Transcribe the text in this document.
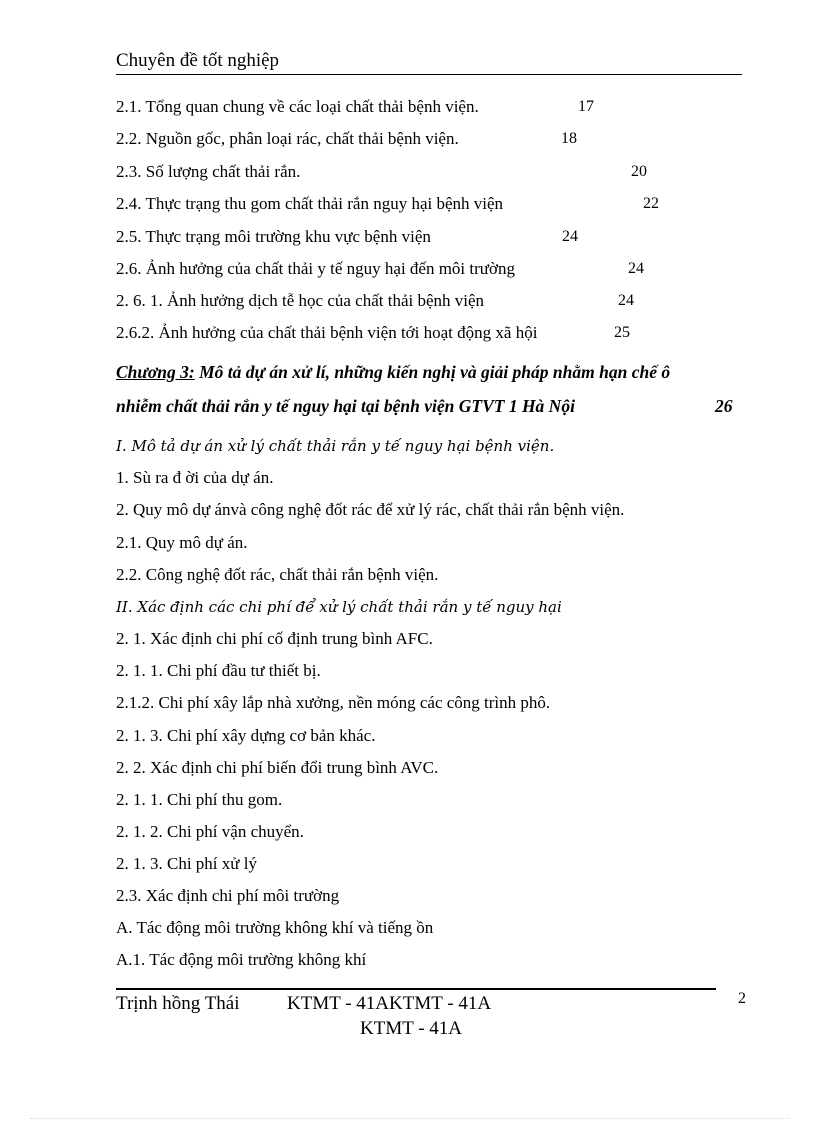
Chuyên đề tốt nghiệp
2.1. Tổng quan chung về các loại chất thải bệnh viện.	17
2.2. Nguồn gốc, phân loại rác, chất thải bệnh viện.	18
2.3. Số lượng chất thải rắn.	20
2.4. Thực trạng thu gom chất thải rắn nguy hại bệnh viện	22
2.5. Thực trạng môi trường khu vực bệnh viện	24
2.6. Ảnh hưởng của chất thải y tế nguy hại đến môi trường	24
2. 6. 1. Ảnh hưởng dịch tễ học của chất thải bệnh viện	24
2.6.2. Ảnh hưởng của chất thải bệnh viện tới hoạt động xã hội	25
Chương 3: Mô tả dự án xử lí, những kiến nghị và giải pháp nhằm hạn chế ô
nhiễm chất thải rắn y tế nguy hại tại bệnh viện GTVT 1 Hà Nội	26
I. Mô tả dự án xử lý chất thải rắn y tế nguy hại bệnh viện.
1. Sù ra đ ời của dự án.
2. Quy mô dự ánvà công nghệ đốt rác để xử lý rác, chất thải rắn bệnh viện.
2.1. Quy mô dự án.
2.2. Công nghệ đốt rác, chất thải rắn bệnh viện.
II. Xác định các chi phí để xử lý chất thải rắn y tế nguy hại
2. 1. Xác định chi phí cố định trung bình AFC.
2. 1. 1. Chi phí đầu tư thiết bị.
2.1.2. Chi phí xây lắp nhà xưởng, nền móng các công trình phô.
2. 1. 3. Chi phí xây dựng cơ bản khác.
2. 2. Xác định chi phí biến đổi trung bình AVC.
2. 1. 1. Chi phí thu gom.
2. 1. 2. Chi phí vận chuyển.
2. 1. 3. Chi phí xử lý
2.3. Xác định chi phí môi trường
A. Tác động môi trường không khí và tiếng ồn
A.1. Tác động môi trường không khí
Trịnh hồng Thái KTMT - 41AKTMT - 41A
KTMT - 41A
2
